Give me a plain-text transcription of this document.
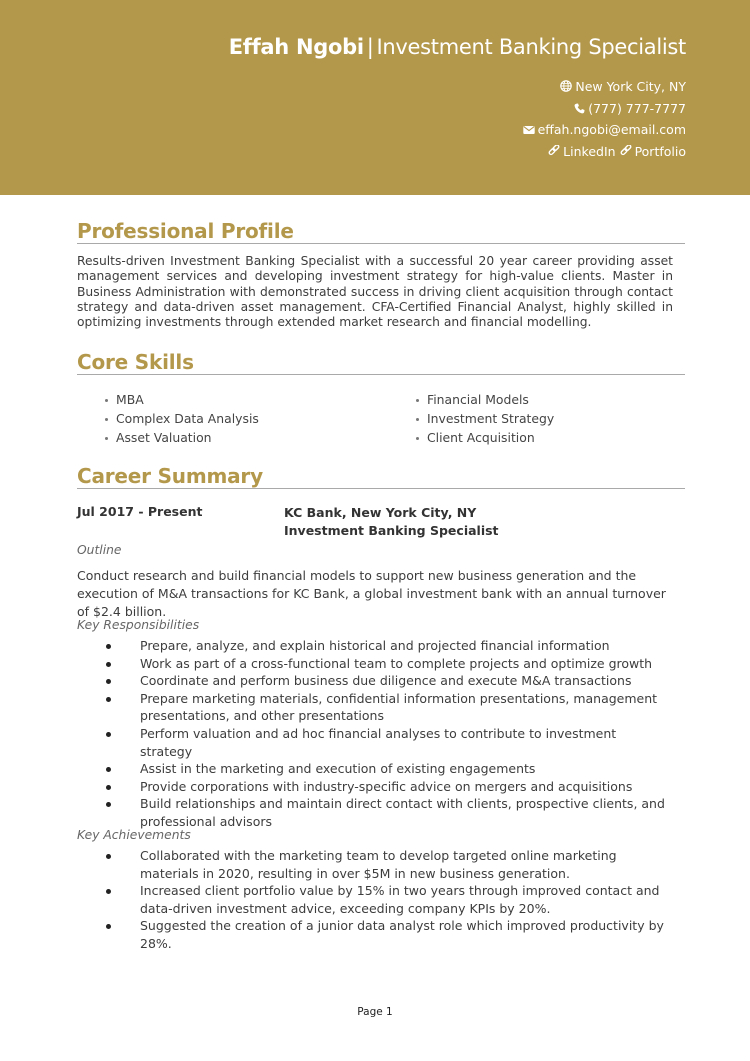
Effah Ngobi | Investment Banking Specialist
New York City, NY
(777) 777-7777
effah.ngobi@email.com
LinkedIn Portfolio
Professional Profile
Results-driven Investment Banking Specialist with a successful 20 year career providing asset management services and developing investment strategy for high-value clients. Master in Business Administration with demonstrated success in driving client acquisition through contact strategy and data-driven asset management. CFA-Certified Financial Analyst, highly skilled in optimizing investments through extended market research and financial modelling.
Core Skills
MBA
Complex Data Analysis
Asset Valuation
Financial Models
Investment Strategy
Client Acquisition
Career Summary
Jul 2017 - Present	KC Bank, New York City, NY
Investment Banking Specialist
Outline
Conduct research and build financial models to support new business generation and the execution of M&A transactions for KC Bank, a global investment bank with an annual turnover of $2.4 billion.
Key Responsibilities
Prepare, analyze, and explain historical and projected financial information
Work as part of a cross-functional team to complete projects and optimize growth
Coordinate and perform business due diligence and execute M&A transactions
Prepare marketing materials, confidential information presentations, management presentations, and other presentations
Perform valuation and ad hoc financial analyses to contribute to investment strategy
Assist in the marketing and execution of existing engagements
Provide corporations with industry-specific advice on mergers and acquisitions
Build relationships and maintain direct contact with clients, prospective clients, and professional advisors
Key Achievements
Collaborated with the marketing team to develop targeted online marketing materials in 2020, resulting in over $5M in new business generation.
Increased client portfolio value by 15% in two years through improved contact and data-driven investment advice, exceeding company KPIs by 20%.
Suggested the creation of a junior data analyst role which improved productivity by 28%.
Page 1
